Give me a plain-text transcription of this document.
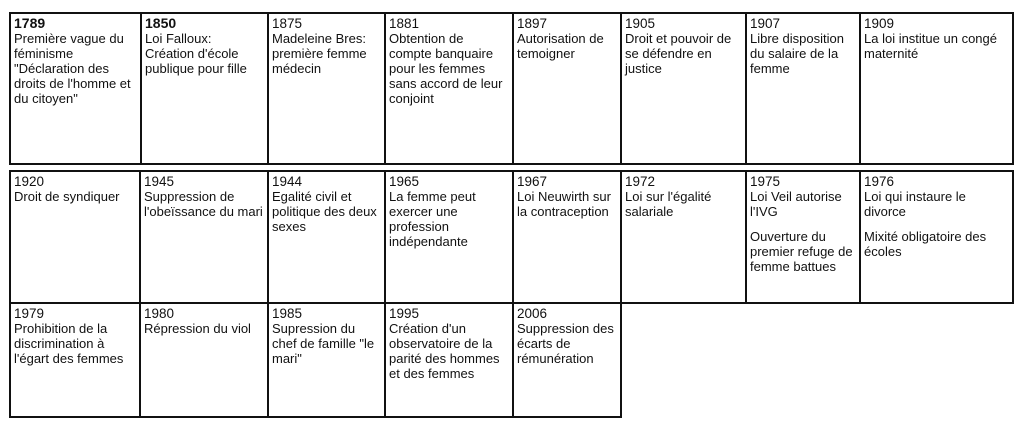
1789
Première vague du féminisme "Déclaration des droits de l'homme et du citoyen"
1850
Loi Falloux: Création d'école publique pour fille
1875
Madeleine Bres: première femme médecin
1881
Obtention de compte banquaire pour les femmes sans accord de leur conjoint
1897
Autorisation de temoigner
1905
Droit et pouvoir de se défendre en justice
1907
Libre disposition du salaire de la femme
1909
La loi institue un congé maternité
1920
Droit de syndiquer
1945
Suppression de l'obeïssance du mari
1944
Egalité civil et politique des deux sexes
1965
La femme peut exercer une profession indépendante
1967
Loi Neuwirth sur la contraception
1972
Loi sur l'égalité salariale
1975
Loi Veil autorise l'IVG
Ouverture du premier refuge de femme battues
1976
Loi qui instaure le divorce
Mixité obligatoire des écoles
1979
Prohibition de la discrimination à l'égart des femmes
1980
Répression du viol
1985
Supression du chef de famille "le mari"
1995
Création d'un observatoire de la parité des hommes et des femmes
2006
Suppression des écarts de rémunération
